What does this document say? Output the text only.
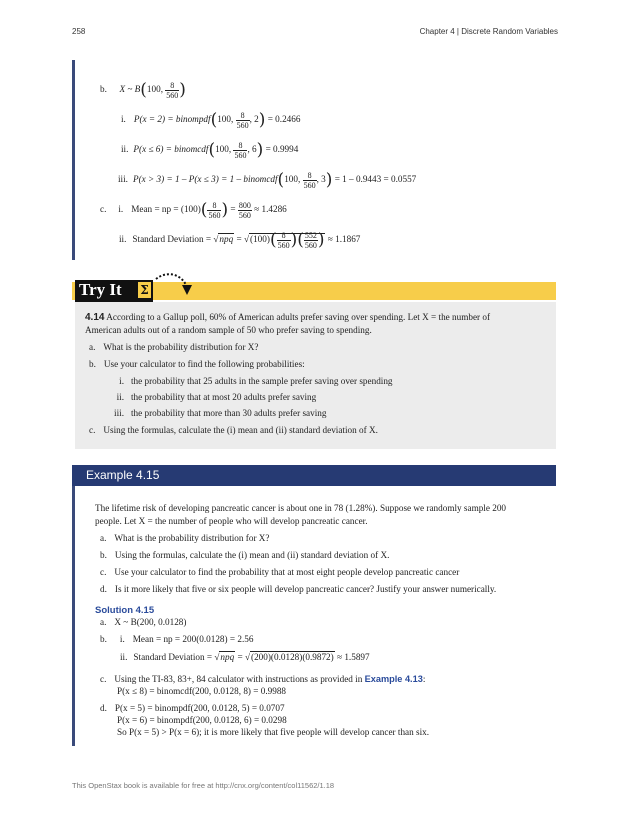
258	Chapter 4 | Discrete Random Variables
b. X ~ B(100, $\frac{8}{560}$ )
i. P(x = 2) = binompdf(100, $\frac{8}{560}$ , 2) = 0.2466
ii. P(x ≤ 6) = binomcdf(100, $\frac{8}{560}$ , 6) = 0.9994
iii. P(x > 3) = 1 – P(x ≤ 3) = 1 – binomcdf(100, $\frac{8}{560}$ , 3) = 1 – 0.9443 = 0.0557
c. i. Mean = np = $(100)( \frac{8}{560}$ ) = $\frac{800}{560} \approx 1.4286$
ii. Standard Deviation = $√npq = √(100)( \frac{8}{560}$ )( $\frac{552}{560}$ ) ≈ 1.1867
Try It Σ
4.14 According to a Gallup poll, 60% of American adults prefer saving over spending. Let X = the number of
American adults out of a random sample of 50 who prefer saving to spending.
a. What is the probability distribution for X?
b. Use your calculator to find the following probabilities:
i. the probability that 25 adults in the sample prefer saving over spending
ii. the probability that at most 20 adults prefer saving
iii. the probability that more than 30 adults prefer saving
c. Using the formulas, calculate the (i) mean and (ii) standard deviation of X.
Example 4.15
The lifetime risk of developing pancreatic cancer is about one in 78 (1.28%). Suppose we randomly sample 200
people. Let X = the number of people who will develop pancreatic cancer.
a. What is the probability distribution for X?
b. Using the formulas, calculate the (i) mean and (ii) standard deviation of X.
c. Use your calculator to find the probability that at most eight people develop pancreatic cancer
d. Is it more likely that five or six people will develop pancreatic cancer? Justify your answer numerically.
Solution 4.15
a. X ~ B(200, 0.0128)
b. i. Mean = np = 200(0.0128) = 2.56
ii. Standard Deviation = √npq = √(200)(0.0128)(0.9872) ≈ 1.5897
c. Using the TI-83, 83+, 84 calculator with instructions as provided in Example 4.13:
P(x ≤ 8) = binomcdf(200, 0.0128, 8) = 0.9988
d. P(x = 5) = binompdf(200, 0.0128, 5) = 0.0707
P(x = 6) = binompdf(200, 0.0128, 6) = 0.0298
So P(x = 5) > P(x = 6); it is more likely that five people will develop cancer than six.
This OpenStax book is available for free at http://cnx.org/content/col11562/1.18
